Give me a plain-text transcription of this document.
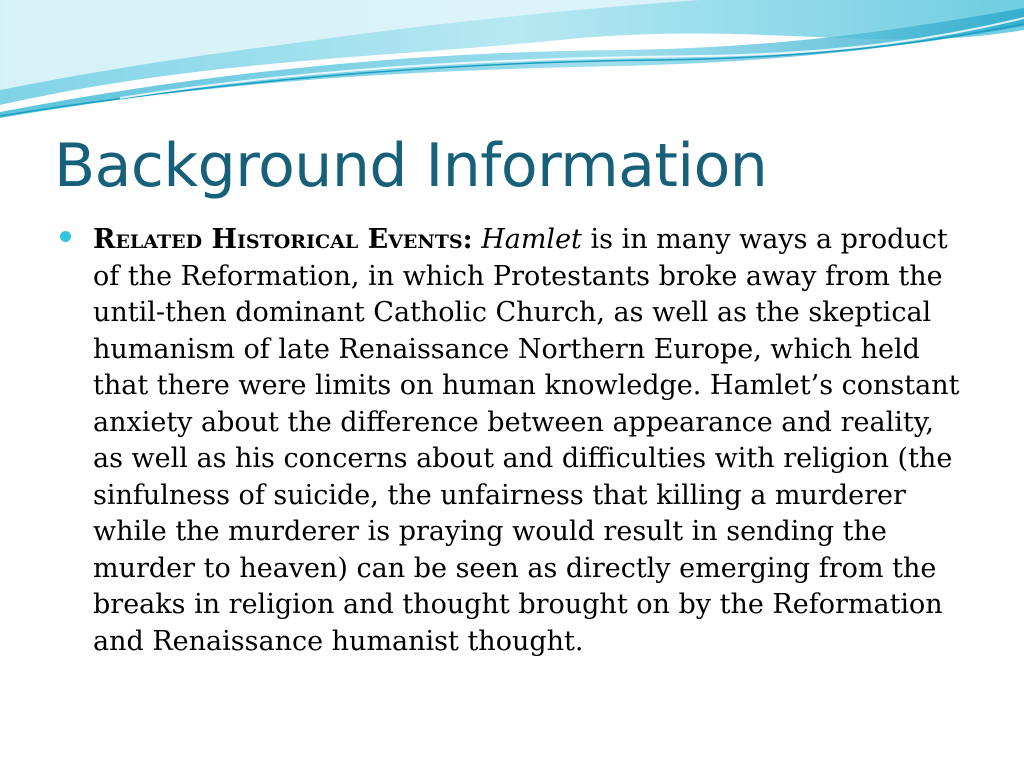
Background Information
Related Historical Events: Hamlet is in many ways a product of the Reformation, in which Protestants broke away from the until-then dominant Catholic Church, as well as the skeptical humanism of late Renaissance Northern Europe, which held that there were limits on human knowledge. Hamlet’s constant anxiety about the difference between appearance and reality, as well as his concerns about and difficulties with religion (the sinfulness of suicide, the unfairness that killing a murderer while the murderer is praying would result in sending the murder to heaven) can be seen as directly emerging from the breaks in religion and thought brought on by the Reformation and Renaissance humanist thought.
